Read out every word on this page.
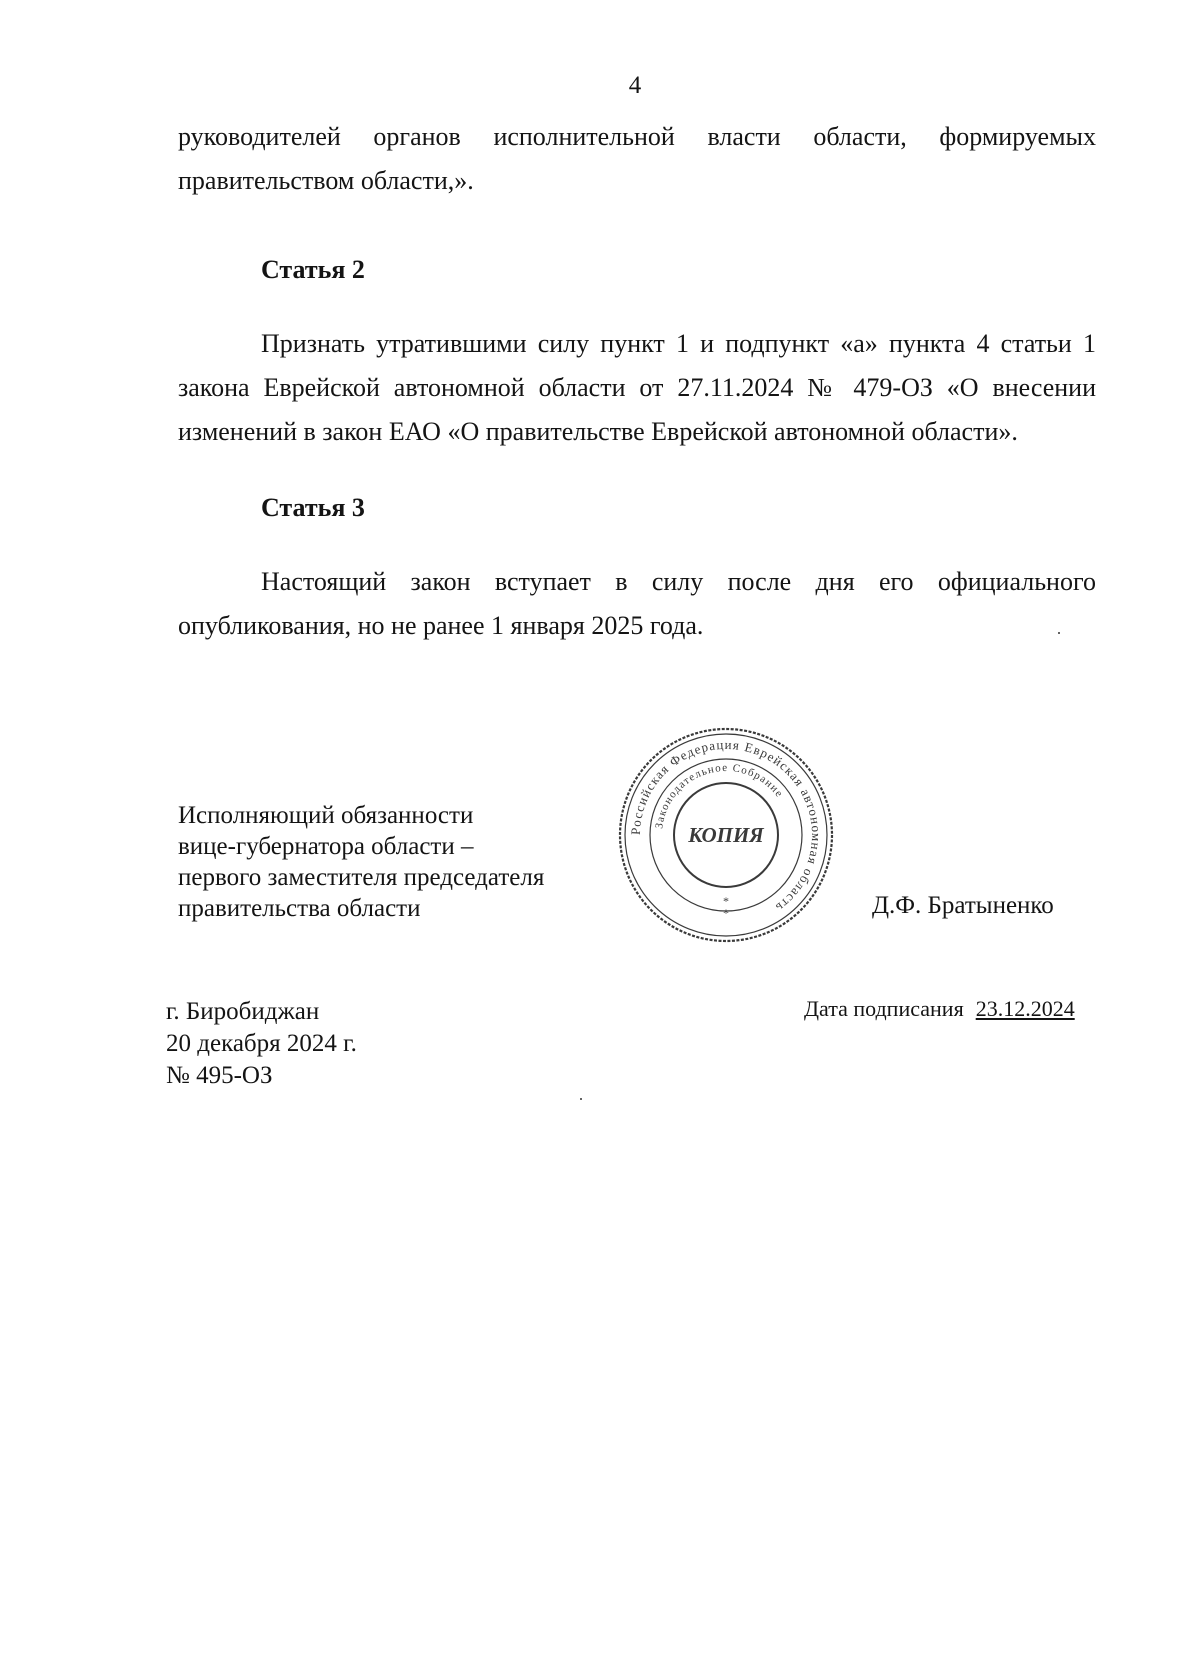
4

руководителей органов исполнительной власти области, формируемых правительством области,».

Статья 2

Признать утратившими силу пункт 1 и подпункт «а» пункта 4 статьи 1 закона Еврейской автономной области от 27.11.2024 № 479-ОЗ «О внесении изменений в закон ЕАО «О правительстве Еврейской автономной области».

Статья 3

Настоящий закон вступает в силу после дня его официального опубликования, но не ранее 1 января 2025 года.

Исполняющий обязанности
вице-губернатора области –
первого заместителя председателя
правительства области
Российская Федерация Еврейская автономная область
Законодательное Собрание
КОПИЯ
*
*	Д.Ф. Братыненко
г. Биробиджан
20 декабря 2024 г.
№ 495-ОЗ
Дата подписания 23.12.2024
